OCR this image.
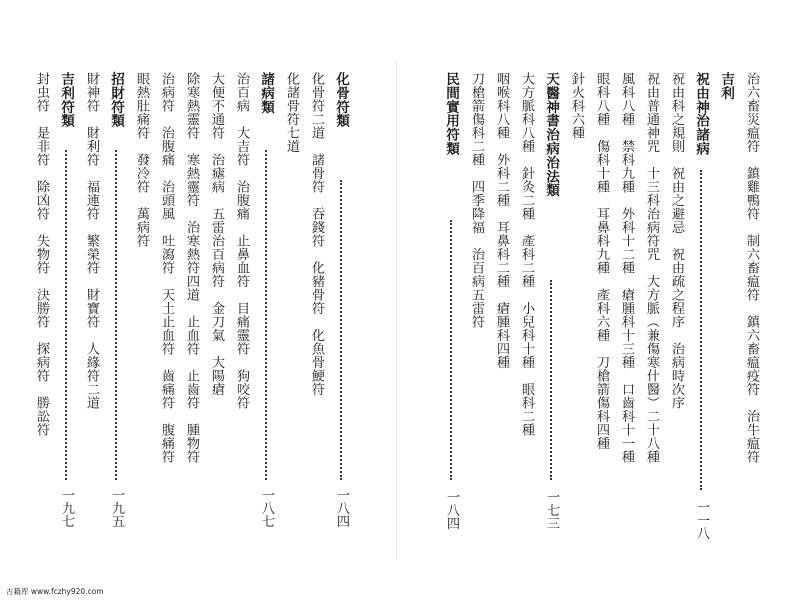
治六畜災瘟符　鎮雞鴨符　制六畜瘟符　鎮六畜瘟疫符　治牛瘟符
吉利
祝由神治諸病
一一八
祝由科之規則　祝由之避忌　祝由疏之程序　治病時次序
祝由普通神咒　十三科治病符咒　大方脈（兼傷寒什醫）二十八種
風科八種　禁科九種　外科十二種　瘡腫科十三種　口齒科十一種
眼科八種　傷科十種　耳鼻科九種　產科六種　刀槍箭傷科四種
針火科六種
天醫神書治病治法類
一七三
大方脈科八種　針灸二種　產科二種　小兒科十種　眼科二種
咽喉科八種　外科二種　耳鼻科二種　瘡腫科四種
刀槍箭傷科二種　四季降福　治百病五雷符
民間實用符類
一八四
化骨符類
一八四
化骨符二道　諸骨符　吞錢符　化豬骨符　化魚骨鯁符
化諸骨符七道
諸病類
一八七
治百病　大吉符　治腹痛　止鼻血符　目痛靈符　狗咬符
大便不通符　治瘧病　五雷治百病符　金刀氣　大陽瘡
除寒熱靈符　寒熱靈符　治寒熱符四道　止血符　止齒符　腫物符
治病符　治腹痛　治頭風　吐瀉符　天土止血符　齒痛符　腹痛符
眼熱肚痛符　發冷符　萬病符
招財符類
一九五
財神符　財利符　福連符　繁榮符　財寶符　人緣符二道
吉利符類
一九七
封虫符　是非符　除凶符　失物符　決勝符　探病符　勝訟符
古籍库 www.fczhy920.com
